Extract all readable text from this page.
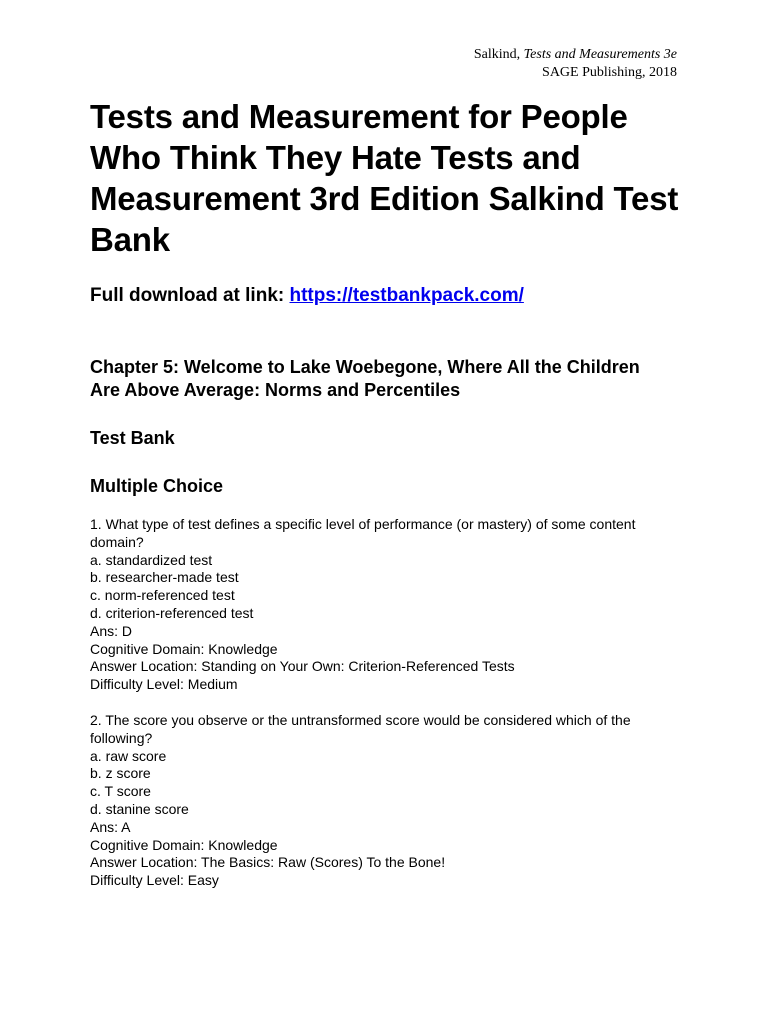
Salkind, Tests and Measurements 3e
SAGE Publishing, 2018
Tests and Measurement for People Who Think They Hate Tests and Measurement 3rd Edition Salkind Test Bank
Full download at link: https://testbankpack.com/
Chapter 5: Welcome to Lake Woebegone, Where All the Children Are Above Average: Norms and Percentiles
Test Bank
Multiple Choice
1. What type of test defines a specific level of performance (or mastery) of some content domain?
a. standardized test
b. researcher-made test
c. norm-referenced test
d. criterion-referenced test
Ans: D
Cognitive Domain: Knowledge
Answer Location: Standing on Your Own: Criterion-Referenced Tests
Difficulty Level: Medium
2. The score you observe or the untransformed score would be considered which of the following?
a. raw score
b. z score
c. T score
d. stanine score
Ans: A
Cognitive Domain: Knowledge
Answer Location: The Basics: Raw (Scores) To the Bone!
Difficulty Level: Easy
